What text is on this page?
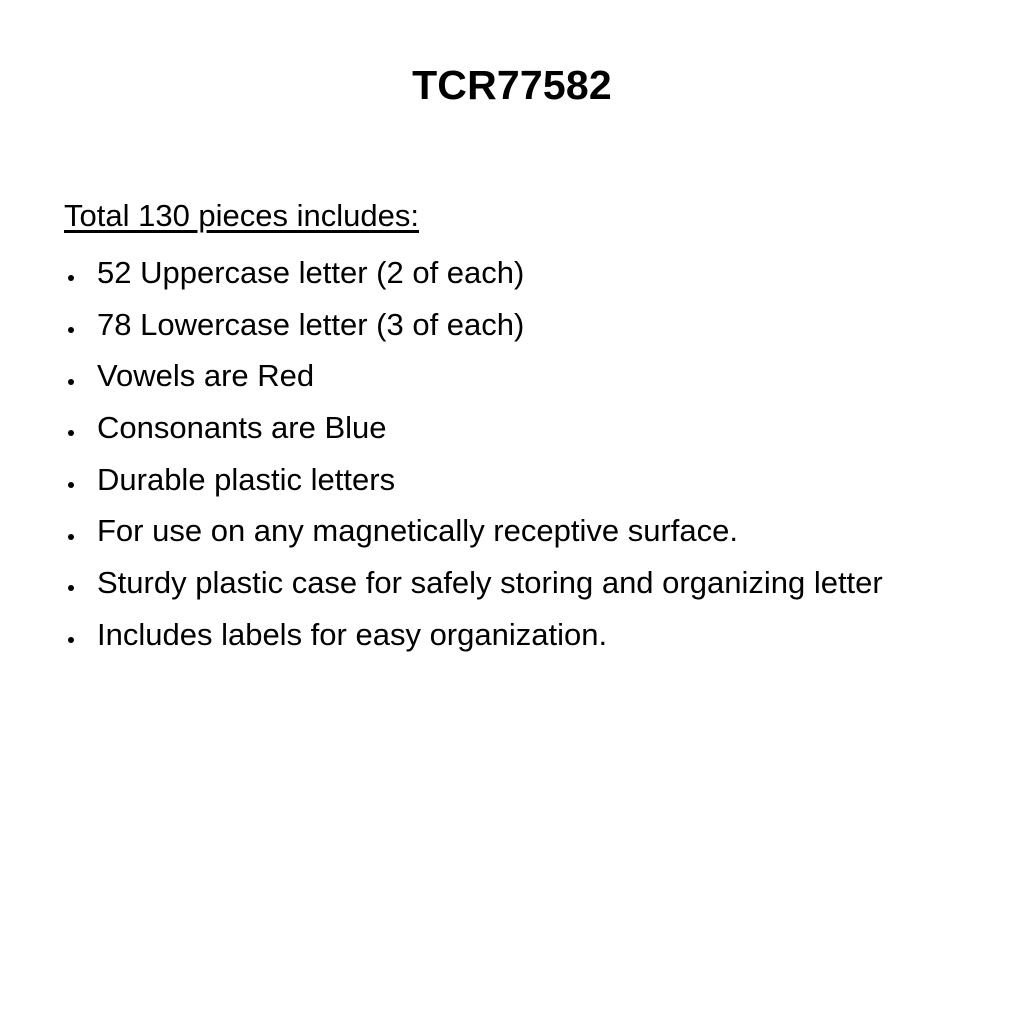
TCR77582
Total 130 pieces includes:
52 Uppercase letter (2 of each)
78 Lowercase letter (3 of each)
Vowels are Red
Consonants are Blue
Durable plastic letters
For use on any magnetically receptive surface.
Sturdy plastic case for safely storing and organizing letter
Includes labels for easy organization.
